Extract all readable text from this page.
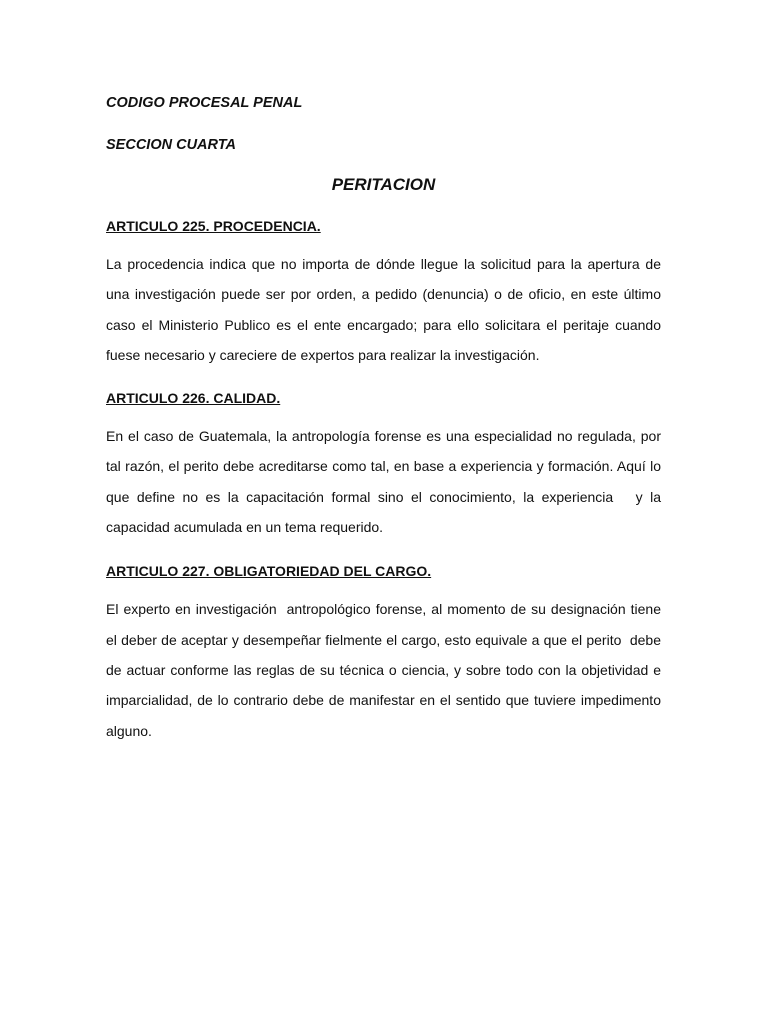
CODIGO PROCESAL PENAL

SECCION CUARTA

PERITACION

ARTICULO 225. PROCEDENCIA.

La procedencia indica que no importa de dónde llegue la solicitud para la apertura de una investigación puede ser por orden, a pedido (denuncia) o de oficio, en este último caso el Ministerio Publico es el ente encargado; para ello solicitara el peritaje cuando fuese necesario y careciere de expertos para realizar la investigación.

ARTICULO 226. CALIDAD.

En el caso de Guatemala, la antropología forense es una especialidad no regulada, por tal razón, el perito debe acreditarse como tal, en base a experiencia y formación. Aquí lo que define no es la capacitación formal sino el conocimiento, la experiencia   y la capacidad acumulada en un tema requerido.

ARTICULO 227. OBLIGATORIEDAD DEL CARGO.

El experto en investigación  antropológico forense, al momento de su designación tiene el deber de aceptar y desempeñar fielmente el cargo, esto equivale a que el perito  debe de actuar conforme las reglas de su técnica o ciencia, y sobre todo con la objetividad e imparcialidad, de lo contrario debe de manifestar en el sentido que tuviere impedimento alguno.
